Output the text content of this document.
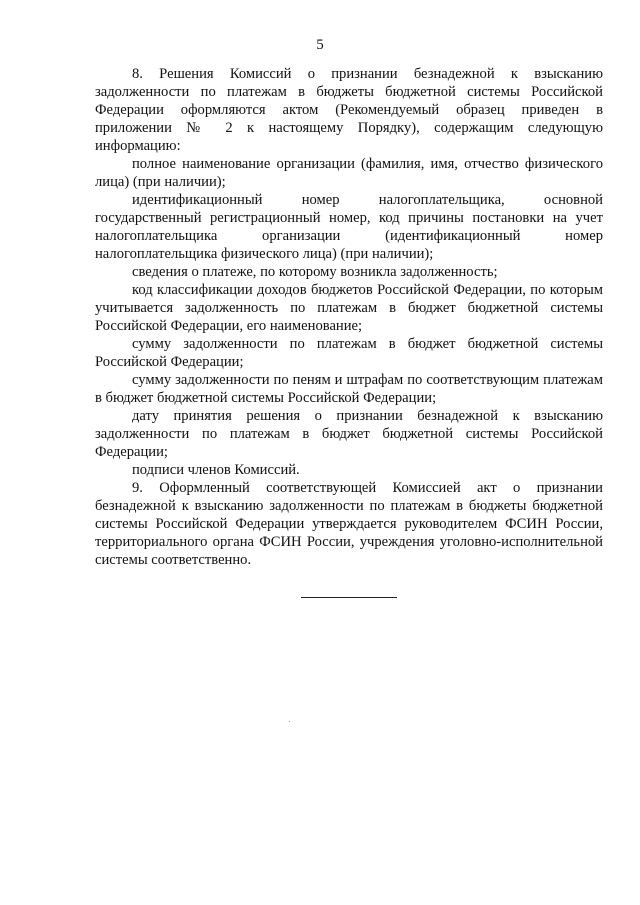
5

8. Решения Комиссий о признании безнадежной к взысканию задолженности по платежам в бюджеты бюджетной системы Российской Федерации оформляются актом (Рекомендуемый образец приведен в приложении № 2 к настоящему Порядку), содержащим следующую информацию:

полное наименование организации (фамилия, имя, отчество физического лица) (при наличии);

идентификационный номер налогоплательщика, основной государственный регистрационный номер, код причины постановки на учет налогоплательщика организации (идентификационный номер налогоплательщика физического лица) (при наличии);

сведения о платеже, по которому возникла задолженность;

код классификации доходов бюджетов Российской Федерации, по которым учитывается задолженность по платежам в бюджет бюджетной системы Российской Федерации, его наименование;

сумму задолженности по платежам в бюджет бюджетной системы Российской Федерации;

сумму задолженности по пеням и штрафам по соответствующим платежам в бюджет бюджетной системы Российской Федерации;

дату принятия решения о признании безнадежной к взысканию задолженности по платежам в бюджет бюджетной системы Российской Федерации;

подписи членов Комиссий.

9. Оформленный соответствующей Комиссией акт о признании безнадежной к взысканию задолженности по платежам в бюджеты бюджетной системы Российской Федерации утверждается руководителем ФСИН России, территориального органа ФСИН России, учреждения уголовно-исполнительной системы соответственно.
